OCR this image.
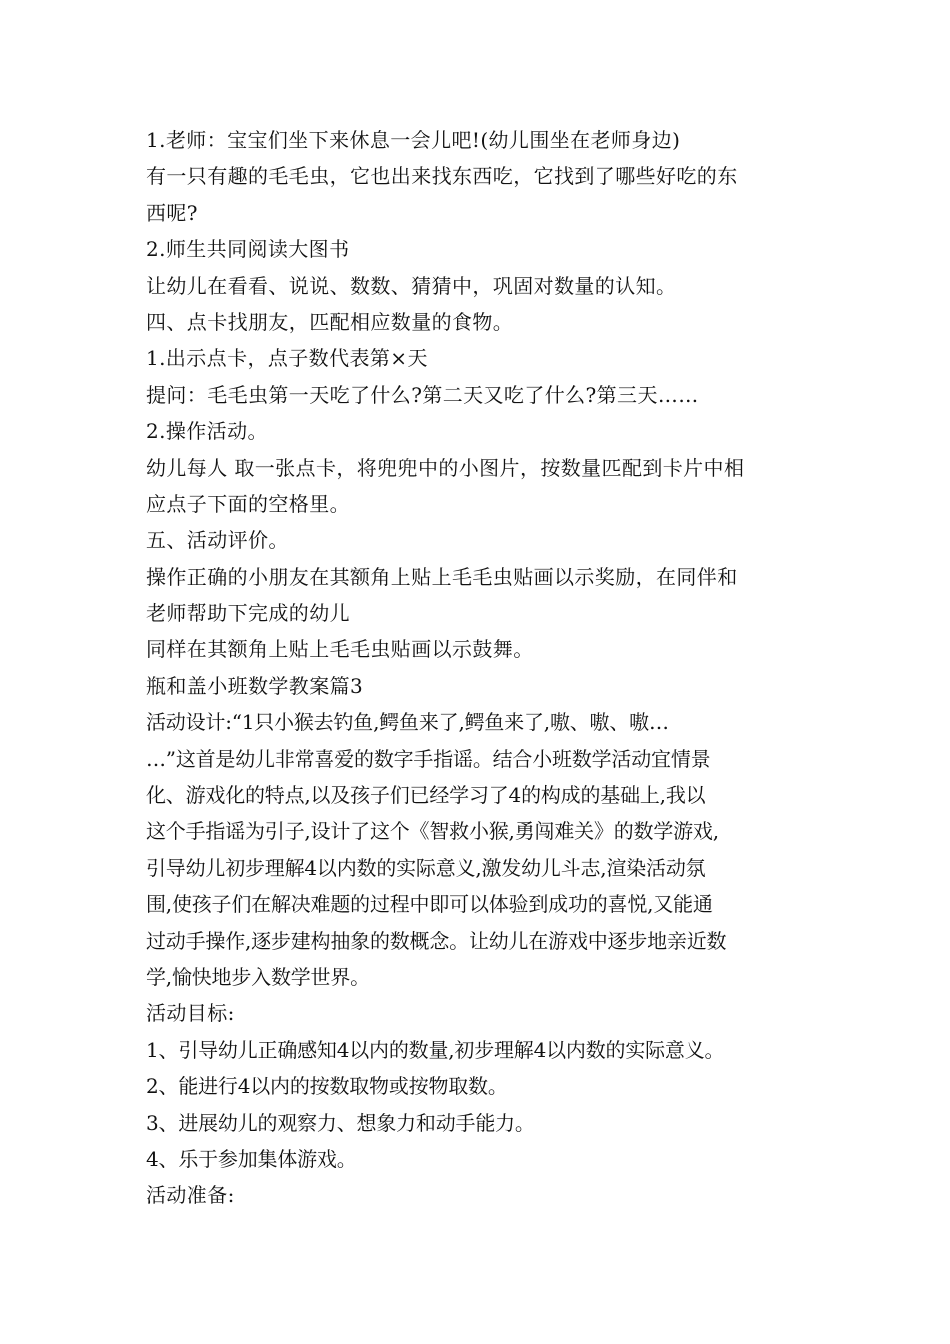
1.老师：宝宝们坐下来休息一会儿吧!(幼儿围坐在老师身边)
有一只有趣的毛毛虫，它也出来找东西吃，它找到了哪些好吃的东
西呢?
2.师生共同阅读大图书
让幼儿在看看、说说、数数、猜猜中，巩固对数量的认知。
四、点卡找朋友，匹配相应数量的食物。
1.出示点卡，点子数代表第×天
提问：毛毛虫第一天吃了什么?第二天又吃了什么?第三天……
2.操作活动。
幼儿每人 取一张点卡，将兜兜中的小图片，按数量匹配到卡片中相
应点子下面的空格里。
五、活动评价。
操作正确的小朋友在其额角上贴上毛毛虫贴画以示奖励，在同伴和
老师帮助下完成的幼儿
同样在其额角上贴上毛毛虫贴画以示鼓舞。
瓶和盖小班数学教案篇3
活动设计:“1只小猴去钓鱼,鳄鱼来了,鳄鱼来了,嗷、嗷、嗷…
…”这首是幼儿非常喜爱的数字手指谣。结合小班数学活动宜情景
化、游戏化的特点,以及孩子们已经学习了4的构成的基础上,我以
这个手指谣为引子,设计了这个《智救小猴,勇闯难关》的数学游戏,
引导幼儿初步理解4以内数的实际意义,激发幼儿斗志,渲染活动氛
围,使孩子们在解决难题的过程中即可以体验到成功的喜悦,又能通
过动手操作,逐步建构抽象的数概念。让幼儿在游戏中逐步地亲近数
学,愉快地步入数学世界。
活动目标:
1、引导幼儿正确感知4以内的数量,初步理解4以内数的实际意义。
2、能进行4以内的按数取物或按物取数。
3、进展幼儿的观察力、想象力和动手能力。
4、乐于参加集体游戏。
活动准备:
